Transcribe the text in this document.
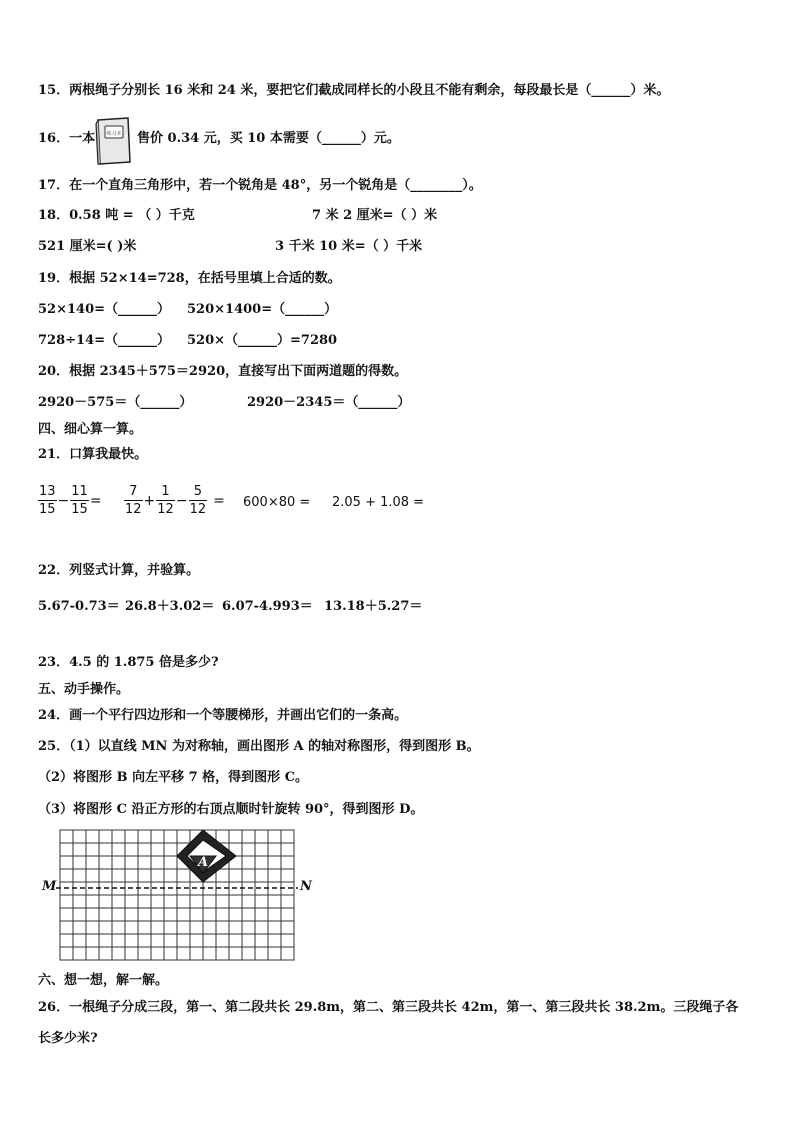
15．两根绳子分别长 16 米和 24 米，要把它们截成同样长的小段且不能有剩余，每段最长是（______）米。
16．一本 练习本 售价 0.34 元，买 10 本需要（______）元。
17．在一个直角三角形中，若一个锐角是 48°，另一个锐角是（________）。
18．0.58 吨 = （ ）千克	7 米 2 厘米=（ ）米
521 厘米=( )米	3 千米 10 米=（ ）千米
19．根据 52×14=728，在括号里填上合适的数。
52×140=（______） 520×1400=（______）
728÷14=（______） 520×（______）=7280
20．根据 2345＋575＝2920，直接写出下面两道题的得数。
2920－575＝（______）	2920－2345＝（______）
四、细心算一算。
21．口算我最快。
$\frac{13}{15} - \frac{11}{15} = \frac{7}{12} + \frac{1}{12} - \frac{5}{12} = 600\times 80 = 2.05 + 1.08$ =
22．列竖式计算，并验算。
5.67-0.73＝ 26.8＋3.02＝ 6.07-4.993＝ 13.18＋5.27＝
23．4.5 的 1.875 倍是多少?
五、动手操作。
24．画一个平行四边形和一个等腰梯形，并画出它们的一条高。
25．（1）以直线 MN 为对称轴，画出图形 A 的轴对称图形，得到图形 B。
（2）将图形 B 向左平移 7 格，得到图形 C。
（3）将图形 C 沿正方形的右顶点顺时针旋转 90°，得到图形 D。
M	N
A
六、想一想，解一解。
26．一根绳子分成三段，第一、第二段共长 29.8m，第二、第三段共长 42m，第一、第三段共长 38.2m。三段绳子各
长多少米?
